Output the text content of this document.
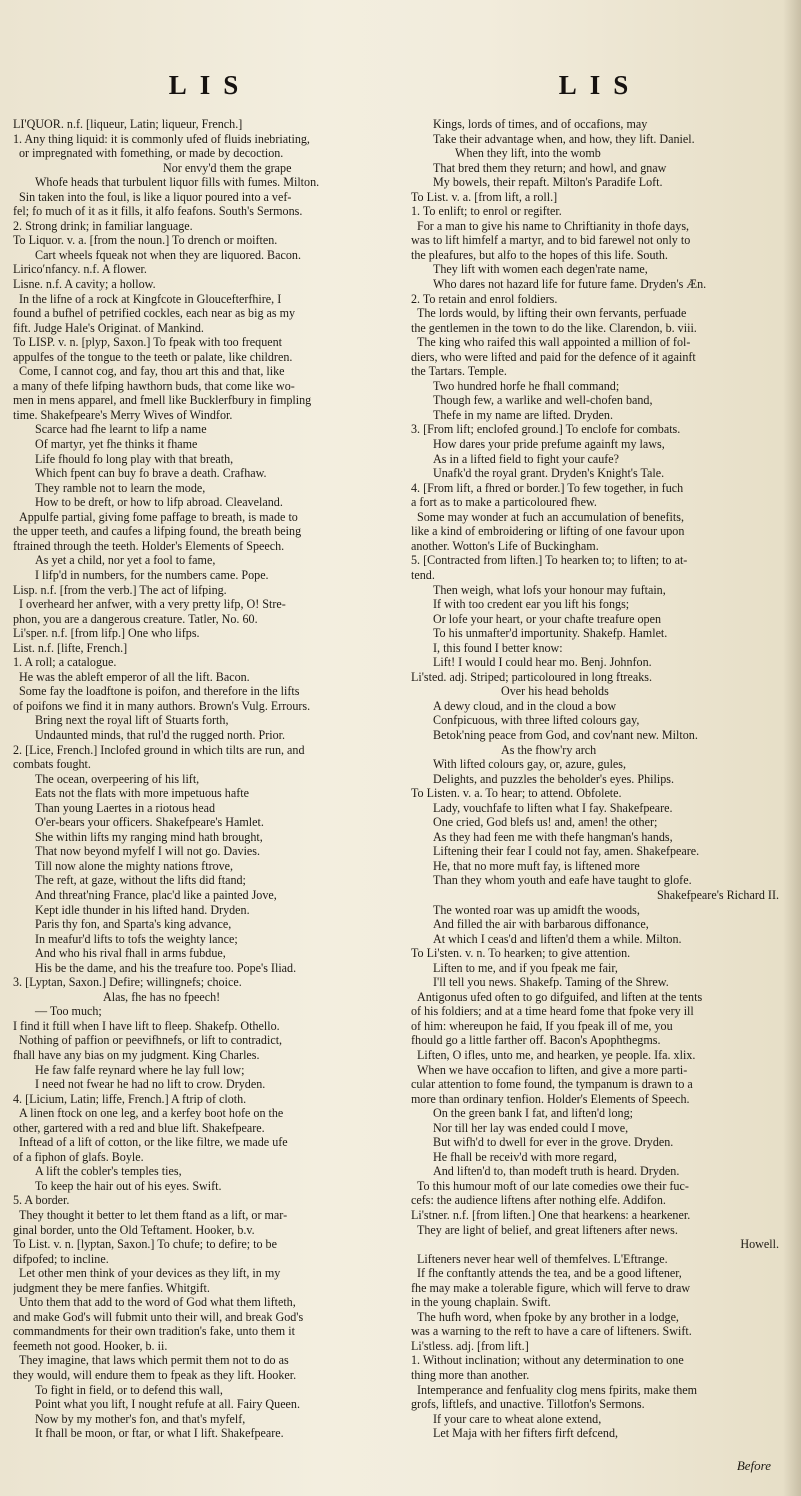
LIS	LIS
LI'QUOR. n.f. [liqueur, Latin; liqueur, French.]
1. Any thing liquid: it is commonly ufed of fluids inebriating,
or impregnated with fomething, or made by decoction.
Nor envy'd them the grape
Whofe heads that turbulent liquor fills with fumes. Milton.
Sin taken into the foul, is like a liquor poured into a vef-
fel; fo much of it as it fills, it alfo feafons. South's Sermons.
2. Strong drink; in familiar language.
To Liquor. v. a. [from the noun.] To drench or moiften.
Cart wheels fqueak not when they are liquored. Bacon.
Liricoʹnfancy. n.f. A flower.
Lisne. n.f. A cavity; a hollow.
In the lifne of a rock at Kingfcote in Gloucefterfhire, I
found a bufhel of petrified cockles, each near as big as my
fift. Judge Hale's Originat. of Mankind.
To LISP. v. n. [ƿlyƿ, Saxon.] To fpeak with too frequent
appulfes of the tongue to the teeth or palate, like children.
Come, I cannot cog, and fay, thou art this and that, like
a many of thefe lifping hawthorn buds, that come like wo-
men in mens apparel, and fmell like Bucklerfbury in fimpling
time. Shakefpeare's Merry Wives of Windfor.
Scarce had fhe learnt to lifp a name
Of martyr, yet fhe thinks it fhame
Life fhould fo long play with that breath,
Which fpent can buy fo brave a death. Crafhaw.
They ramble not to learn the mode,
How to be dreft, or how to lifp abroad. Cleaveland.
Appulfe partial, giving fome paffage to breath, is made to
the upper teeth, and caufes a lifping found, the breath being
ftrained through the teeth. Holder's Elements of Speech.
As yet a child, nor yet a fool to fame,
I lifp'd in numbers, for the numbers came. Pope.
Lisp. n.f. [from the verb.] The act of lifping.
I overheard her anfwer, with a very pretty lifp, O! Stre-
phon, you are a dangerous creature. Tatler, No. 60.
Li'sper. n.f. [from lifp.] One who lifps.
List. n.f. [lifte, French.]
1. A roll; a catalogue.
He was the ableft emperor of all the lift. Bacon.
Some fay the loadftone is poifon, and therefore in the lifts
of poifons we find it in many authors. Brown's Vulg. Errours.
Bring next the royal lift of Stuarts forth,
Undaunted minds, that rul'd the rugged north. Prior.
2. [Lice, French.] Inclofed ground in which tilts are run, and
combats fought.
The ocean, overpeering of his lift,
Eats not the flats with more impetuous hafte
Than young Laertes in a riotous head
O'er-bears your officers. Shakefpeare's Hamlet.
She within lifts my ranging mind hath brought,
That now beyond myfelf I will not go. Davies.
Till now alone the mighty nations ftrove,
The reft, at gaze, without the lifts did ftand;
And threat'ning France, plac'd like a painted Jove,
Kept idle thunder in his lifted hand. Dryden.
Paris thy fon, and Sparta's king advance,
In meafur'd lifts to tofs the weighty lance;
And who his rival fhall in arms fubdue,
His be the dame, and his the treafure too. Pope's Iliad.
3. [Lyƿtan, Saxon.] Defire; willingnefs; choice.
Alas, fhe has no fpeech!
— Too much;
I find it ftill when I have lift to fleep. Shakefp. Othello.
Nothing of paffion or peevifhnefs, or lift to contradict,
fhall have any bias on my judgment. King Charles.
He faw falfe reynard where he lay full low;
I need not fwear he had no lift to crow. Dryden.
4. [Licium, Latin; liffe, French.] A ftrip of cloth.
A linen ftock on one leg, and a kerfey boot hofe on the
other, gartered with a red and blue lift. Shakefpeare.
Inftead of a lift of cotton, or the like filtre, we made ufe
of a fiphon of glafs. Boyle.
A lift the cobler's temples ties,
To keep the hair out of his eyes. Swift.
5. A border.
They thought it better to let them ftand as a lift, or mar-
ginal border, unto the Old Teftament. Hooker, b.v.
To List. v. n. [lyƿtan, Saxon.] To chufe; to defire; to be
difpofed; to incline.
Let other men think of your devices as they lift, in my
judgment they be mere fanfies. Whitgift.
Unto them that add to the word of God what them lifteth,
and make God's will fubmit unto their will, and break God's
commandments for their own tradition's fake, unto them it
feemeth not good. Hooker, b. ii.
They imagine, that laws which permit them not to do as
they would, will endure them to fpeak as they lift. Hooker.
To fight in field, or to defend this wall,
Point what you lift, I nought refufe at all. Fairy Queen.
Now by my mother's fon, and that's myfelf,
It fhall be moon, or ftar, or what I lift. Shakefpeare.
Kings, lords of times, and of occafions, may
Take their advantage when, and how, they lift. Daniel.
When they lift, into the womb
That bred them they return; and howl, and gnaw
My bowels, their repaft. Milton's Paradife Loft.
To List. v. a. [from lift, a roll.]
1. To enlift; to enrol or regifter.
For a man to give his name to Chriftianity in thofe days,
was to lift himfelf a martyr, and to bid farewel not only to
the pleafures, but alfo to the hopes of this life. South.
They lift with women each degen'rate name,
Who dares not hazard life for future fame. Dryden's Æn.
2. To retain and enrol foldiers.
The lords would, by lifting their own fervants, perfuade
the gentlemen in the town to do the like. Clarendon, b. viii.
The king who raifed this wall appointed a million of fol-
diers, who were lifted and paid for the defence of it againft
the Tartars. Temple.
Two hundred horfe he fhall command;
Though few, a warlike and well-chofen band,
Thefe in my name are lifted. Dryden.
3. [From lift; enclofed ground.] To enclofe for combats.
How dares your pride prefume againft my laws,
As in a lifted field to fight your caufe?
Unafk'd the royal grant. Dryden's Knight's Tale.
4. [From lift, a fhred or border.] To few together, in fuch
a fort as to make a particoloured fhew.
Some may wonder at fuch an accumulation of benefits,
like a kind of embroidering or lifting of one favour upon
another. Wotton's Life of Buckingham.
5. [Contracted from liften.] To hearken to; to liften; to at-
tend.
Then weigh, what lofs your honour may fuftain,
If with too credent ear you lift his fongs;
Or lofe your heart, or your chafte treafure open
To his unmafter'd importunity. Shakefp. Hamlet.
I, this found I better know:
Lift! I would I could hear mo. Benj. Johnfon.
Li'sted. adj. Striped; particoloured in long ftreaks.
Over his head beholds
A dewy cloud, and in the cloud a bow
Confpicuous, with three lifted colours gay,
Betok'ning peace from God, and cov'nant new. Milton.
As the fhow'ry arch
With lifted colours gay, or, azure, gules,
Delights, and puzzles the beholder's eyes. Philips.
To Listen. v. a. To hear; to attend. Obfolete.
Lady, vouchfafe to liften what I fay. Shakefpeare.
One cried, God blefs us! and, amen! the other;
As they had feen me with thefe hangman's hands,
Liftening their fear I could not fay, amen. Shakefpeare.
He, that no more muft fay, is liftened more
Than they whom youth and eafe have taught to glofe.
Shakefpeare's Richard II.
The wonted roar was up amidft the woods,
And filled the air with barbarous diffonance,
At which I ceas'd and liften'd them a while. Milton.
To Li'sten. v. n. To hearken; to give attention.
Liften to me, and if you fpeak me fair,
I'll tell you news. Shakefp. Taming of the Shrew.
Antigonus ufed often to go difguifed, and liften at the tents
of his foldiers; and at a time heard fome that fpoke very ill
of him: whereupon he faid, If you fpeak ill of me, you
fhould go a little farther off. Bacon's Apophthegms.
Liften, O ifles, unto me, and hearken, ye people. Ifa. xlix.
When we have occafion to liften, and give a more parti-
cular attention to fome found, the tympanum is drawn to a
more than ordinary tenfion. Holder's Elements of Speech.
On the green bank I fat, and liften'd long;
Nor till her lay was ended could I move,
But wifh'd to dwell for ever in the grove. Dryden.
He fhall be receiv'd with more regard,
And liften'd to, than modeft truth is heard. Dryden.
To this humour moft of our late comedies owe their fuc-
cefs: the audience liftens after nothing elfe. Addifon.
Li'stner. n.f. [from liften.] One that hearkens: a hearkener.
They are light of belief, and great lifteners after news.
Howell.
Lifteners never hear well of themfelves. L'Eftrange.
If fhe conftantly attends the tea, and be a good liftener,
fhe may make a tolerable figure, which will ferve to draw
in the young chaplain. Swift.
The hufh word, when fpoke by any brother in a lodge,
was a warning to the reft to have a care of lifteners. Swift.
Li'stless. adj. [from lift.]
1. Without inclination; without any determination to one
thing more than another.
Intemperance and fenfuality clog mens fpirits, make them
grofs, liftlefs, and unactive. Tillotfon's Sermons.
If your care to wheat alone extend,
Let Maja with her fifters firft defcend,
Before
